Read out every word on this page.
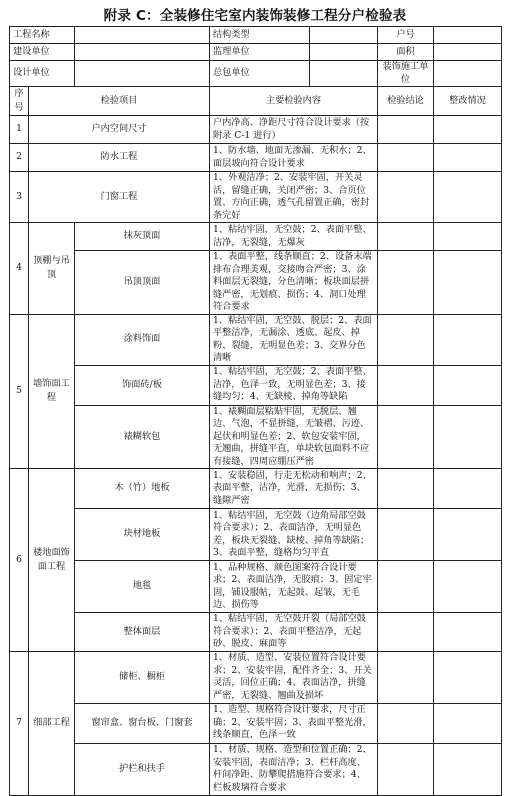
附录 C：全装修住宅室内装饰装修工程分户检验表
工程名称			结构类型		户号	
建设单位			监理单位		面积	
设计单位			总包单位		装饰施工单位	
序号	检验项目		主要检验内容		检验结论	整改情况
1	户内空间尺寸		户内净高、净距尺寸符合设计要求（按附录 C-1 进行）			
2	防水工程		1、防水墙、地面无渗漏、无积水；2、面层坡向符合设计要求			
3	门窗工程		1、外观洁净；2、安装牢固，开关灵活，留缝正确，关闭严密；3、合页位置、方向正确，透气孔留置正确，密封条完好			
4	顶棚与吊顶	抹灰顶面	1、粘结牢固，无空鼓；2、表面平整、洁净，无裂缝，无爆灰			
		吊顶顶面	1、表面平整，线条顺直；2、设备末端排布合理美观，交接吻合严密；3、涂料面层无裂缝，分色清晰；板块面层拼缝严密，无划痕、损伤；4、洞口处理符合要求			
5	墙饰面工程	涂料饰面	1、粘结牢固，无空鼓、脱层；2、表面平整洁净，无漏涂、透底、起皮、掉粉、裂缝，无明显色差；3、交界分色清晰			
		饰面砖/板	1、粘结牢固，无空鼓；2、表面平整、洁净，色泽一致，无明显色差；3、接缝均匀；4、无缺棱、掉角等缺陷			
		裱糊软包	1、裱糊面层粘贴牢固，无脱层、翘边、气泡，不显拼缝，无皱褶、污迹、起伏和明显色差；2、软包安装牢固，无翘曲，拼缝平直，单块软包面料不应有接缝，四周应绷压严密			
6	楼地面饰面工程	木（竹）地板	1、安装稳固，行走无松动和响声；2、表面平整，洁净，光滑，无损伤；3、缝隙严密			
		块材地板	1、粘结牢固，无空鼓（边角局部空鼓符合要求）；2、表面洁净，无明显色差，板块无裂缝、缺棱、掉角等缺陷；3、表面平整，缝格均匀平直			
		地毯	1、品种规格、颜色图案符合设计要求；2、表面洁净，无胶痕；3、固定牢固，铺设服帖，无起鼓、起皱，无毛边、损伤等			
		整体面层	1、粘结牢固，无空鼓开裂（局部空鼓符合要求）；2、表面平整洁净，无起砂、脱皮、麻面等			
7	细部工程	储柜、橱柜	1、材质、造型、安装位置符合设计要求；2、安装牢固，配件齐全；3、开关灵活，回位正确；4、表面洁净，拼缝严密，无裂缝、翘曲及损坏			
		窗帘盒、窗台板、门窗套	1、造型、规格符合设计要求，尺寸正确；2、安装牢固；3、表面平整光滑，线条顺直，色泽一致			
		护栏和扶手	1、材质、规格、造型和位置正确；2、安装牢固，表面洁净；3、栏杆高度、杆间净距、防攀爬措施符合要求；4、栏板玻璃符合要求			
